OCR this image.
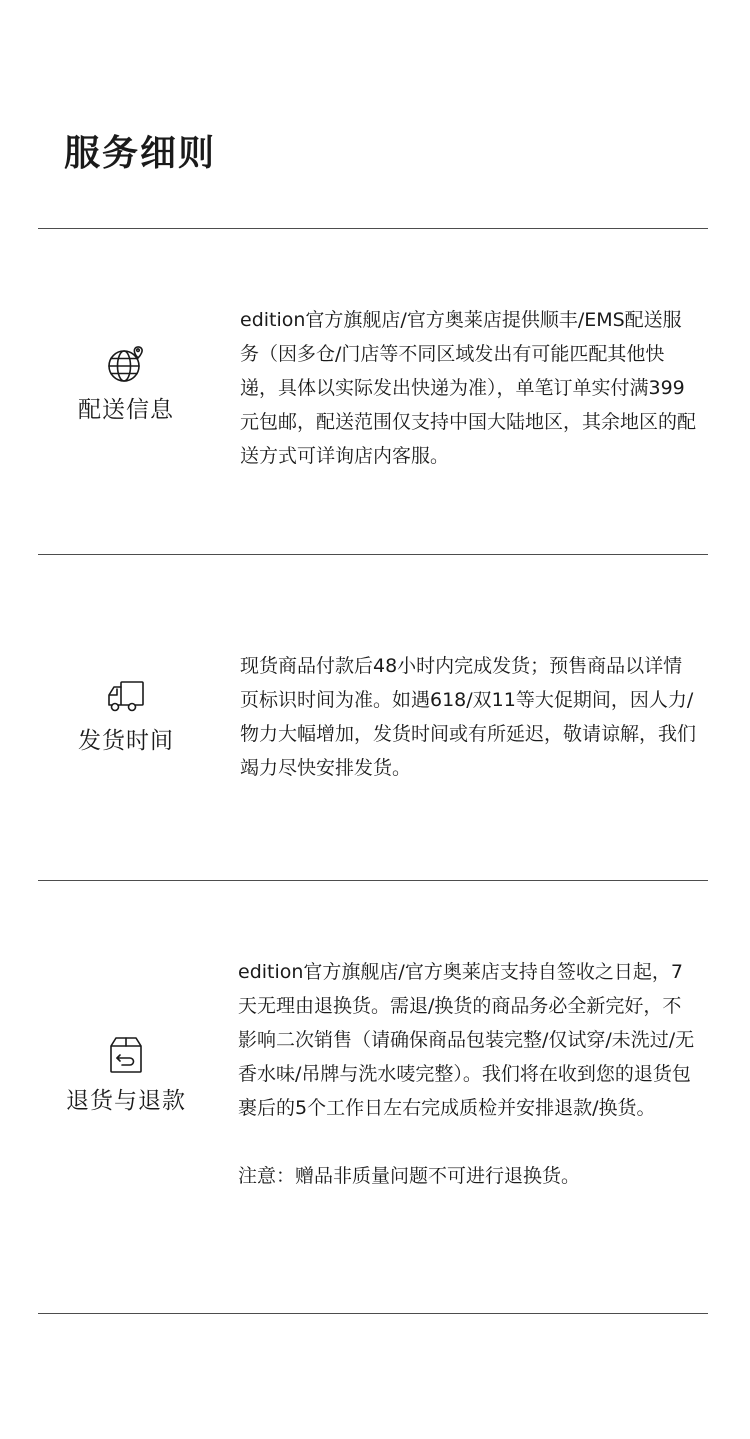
服务细则
配送信息

edition官方旗舰店/官方奥莱店提供顺丰/EMS配送服务（因多仓/门店等不同区域发出有可能匹配其他快递，具体以实际发出快递为准），单笔订单实付满399元包邮，配送范围仅支持中国大陆地区，其余地区的配送方式可详询店内客服。

发货时间

现货商品付款后48小时内完成发货；预售商品以详情页标识时间为准。如遇618/双11等大促期间，因人力/物力大幅增加，发货时间或有所延迟，敬请谅解，我们竭力尽快安排发货。

退货与退款

edition官方旗舰店/官方奥莱店支持自签收之日起，7天无理由退换货。需退/换货的商品务必全新完好，不影响二次销售（请确保商品包装完整/仅试穿/未洗过/无香水味/吊牌与洗水唛完整）。我们将在收到您的退货包裹后的5个工作日左右完成质检并安排退款/换货。

注意：赠品非质量问题不可进行退换货。
